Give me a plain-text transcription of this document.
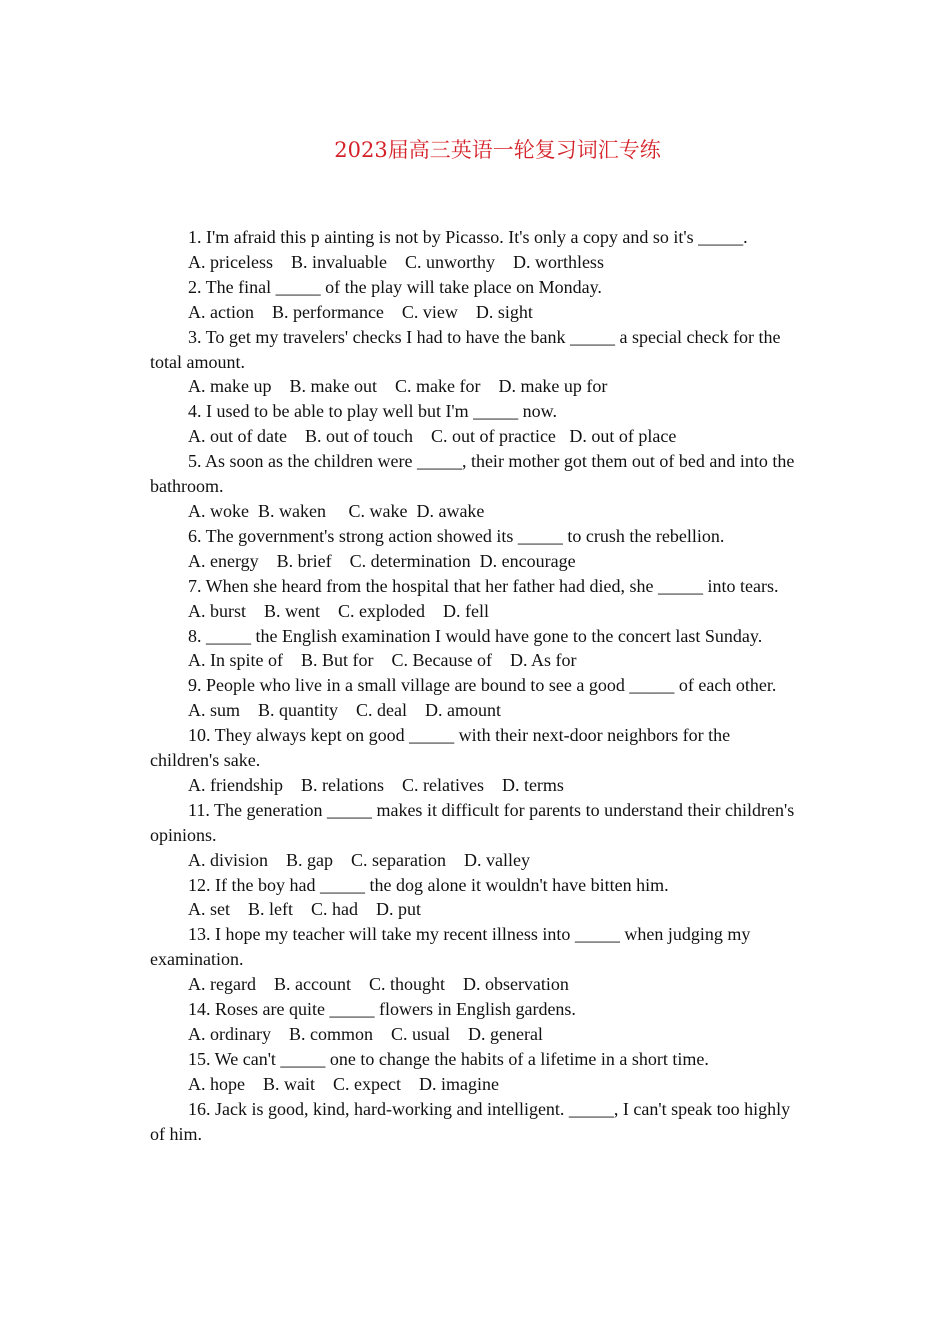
2023届高三英语一轮复习词汇专练

1. I'm afraid this p ainting is not by Picasso. It's only a copy and so it's _____.

A. priceless    B. invaluable    C. unworthy    D. worthless

2. The final _____ of the play will take place on Monday.

A. action    B. performance    C. view    D. sight

3. To get my travelers' checks I had to have the bank _____ a special check for the total amount.

A. make up    B. make out    C. make for    D. make up for

4. I used to be able to play well but I'm _____ now.

A. out of date    B. out of touch    C. out of practice   D. out of place

5. As soon as the children were _____, their mother got them out of bed and into the bathroom.

A. woke  B. waken     C. wake  D. awake

6. The government's strong action showed its _____ to crush the rebellion.

A. energy    B. brief    C. determination  D. encourage

7. When she heard from the hospital that her father had died, she _____ into tears.

A. burst    B. went    C. exploded    D. fell

8. _____ the English examination I would have gone to the concert last Sunday.

A. In spite of    B. But for    C. Because of    D. As for

9. People who live in a small village are bound to see a good _____ of each other.

A. sum    B. quantity    C. deal    D. amount

10. They always kept on good _____ with their next-door neighbors for the children's sake.

A. friendship    B. relations    C. relatives    D. terms

11. The generation _____ makes it difficult for parents to understand their children's opinions.

A. division    B. gap    C. separation    D. valley

12. If the boy had _____ the dog alone it wouldn't have bitten him.

A. set    B. left    C. had    D. put

13. I hope my teacher will take my recent illness into _____ when judging my examination.

A. regard    B. account    C. thought    D. observation

14. Roses are quite _____ flowers in English gardens.

A. ordinary    B. common    C. usual    D. general

15. We can't _____ one to change the habits of a lifetime in a short time.

A. hope    B. wait    C. expect    D. imagine

16. Jack is good, kind, hard-working and intelligent. _____, I can't speak too highly of him.
